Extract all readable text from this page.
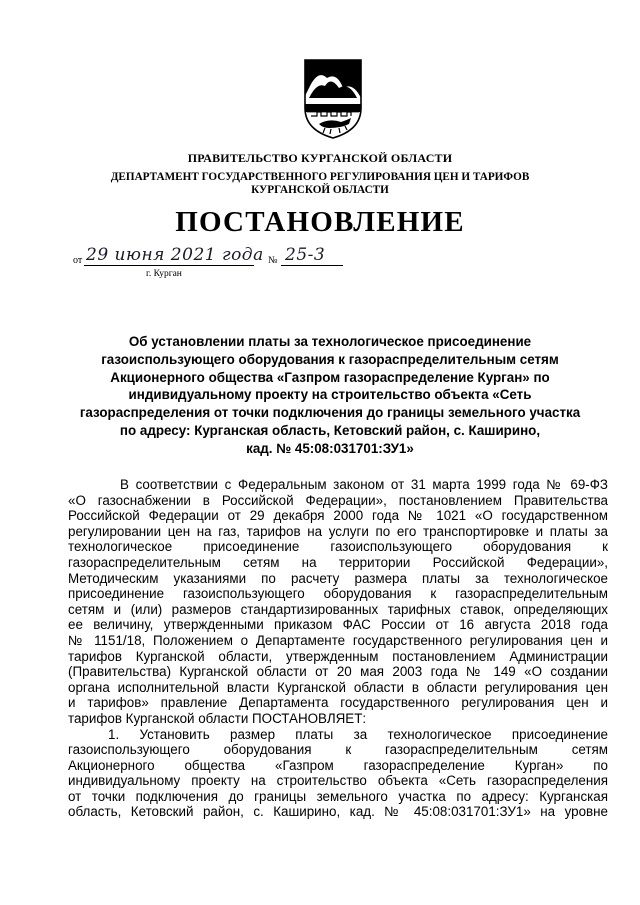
ПРАВИТЕЛЬСТВО КУРГАНСКОЙ ОБЛАСТИ
ДЕПАРТАМЕНТ ГОСУДАРСТВЕННОГО РЕГУЛИРОВАНИЯ ЦЕН И ТАРИФОВ
КУРГАНСКОЙ ОБЛАСТИ
ПОСТАНОВЛЕНИЕ
от 29 июня 2021 года № 25-3
г. Курган
Об установлении платы за технологическое присоединение
газоиспользующего оборудования к газораспределительным сетям
Акционерного общества «Газпром газораспределение Курган» по
индивидуальному проекту на строительство объекта «Сеть
газораспределения от точки подключения до границы земельного участка
по адресу: Курганская область, Кетовский район, с. Каширино,
кад. № 45:08:031701:ЗУ1»

В соответствии с Федеральным законом от 31 марта 1999 года № 69-ФЗ

«О газоснабжении в Российской Федерации», постановлением Правительства

Российской Федерации от 29 декабря 2000 года № 1021 «О государственном

регулировании цен на газ, тарифов на услуги по его транспортировке и платы за

технологическое присоединение газоиспользующего оборудования к

газораспределительным сетям на территории Российской Федерации»,

Методическим указаниями по расчету размера платы за технологическое

присоединение газоиспользующего оборудования к газораспределительным

сетям и (или) размеров стандартизированных тарифных ставок, определяющих

ее величину, утвержденными приказом ФАС России от 16 августа 2018 года

№ 1151/18, Положением о Департаменте государственного регулирования цен и

тарифов Курганской области, утвержденным постановлением Администрации

(Правительства) Курганской области от 20 мая 2003 года № 149 «О создании

органа исполнительной власти Курганской области в области регулирования цен

и тарифов» правление Департамента государственного регулирования цен и

тарифов Курганской области ПОСТАНОВЛЯЕТ:

1. Установить размер платы за технологическое присоединение

газоиспользующего оборудования к газораспределительным сетям

Акционерного общества «Газпром газораспределение Курган» по

индивидуальному проекту на строительство объекта «Сеть газораспределения

от точки подключения до границы земельного участка по адресу: Курганская

область, Кетовский район, с. Каширино, кад. № 45:08:031701:ЗУ1» на уровне
